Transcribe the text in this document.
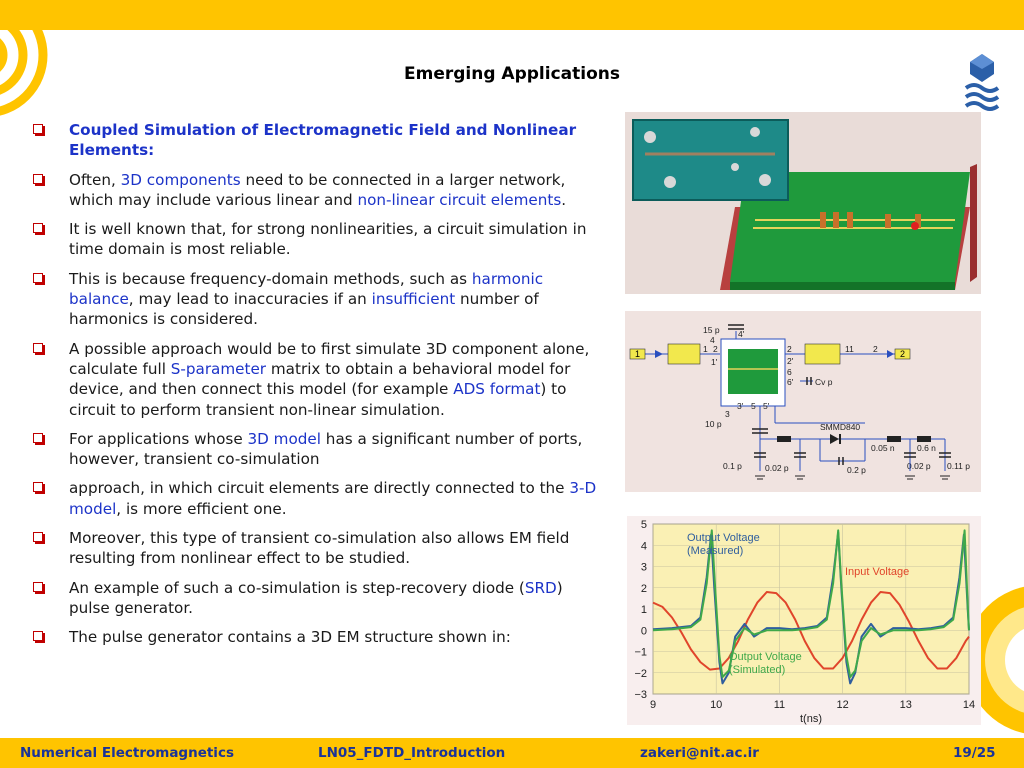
Emerging Applications
Coupled Simulation of Electromagnetic Field and Nonlinear Elements:
Often, 3D components need to be connected in a larger network, which may include various linear and non-linear circuit elements.
It is well known that, for strong nonlinearities, a circuit simulation in time domain is most reliable.
This is because frequency-domain methods, such as harmonic balance, may lead to inaccuracies if an insufficient number of harmonics is considered.
A possible approach would be to first simulate 3D component alone, calculate full S-parameter matrix to obtain a behavioral model for device, and then connect this model (for example ADS format) to circuit to perform transient non-linear simulation.
For applications whose 3D model has a significant number of ports, however, transient co-simulation
approach, in which circuit elements are directly connected to the 3-D model, is more efficient one.
Moreover, this type of transient co-simulation also allows EM field resulting from nonlinear effect to be studied.
An example of such a co-simulation is step-recovery diode (SRD) pulse generator.
The pulse generator contains a 3D EM structure shown in:
1	2
1 2
4
1'
4'
2
2'
6
6'
3
3' 5 5'
11 2
15 p
Cv p
10 p	SMMD840
0.1 p	0.02 p	0.2 p
0.05 n	0.6 n
0.02 p 0.11 p
9	10	11	12	13	14
5
4
3
2
1
0
−1
−2
−3
t(ns)
Output Voltage (Measured)
Input Voltage
Output Voltage (Simulated)
Numerical Electromagnetics	LN05_FDTD_Introduction	zakeri@nit.ac.ir	19/25
